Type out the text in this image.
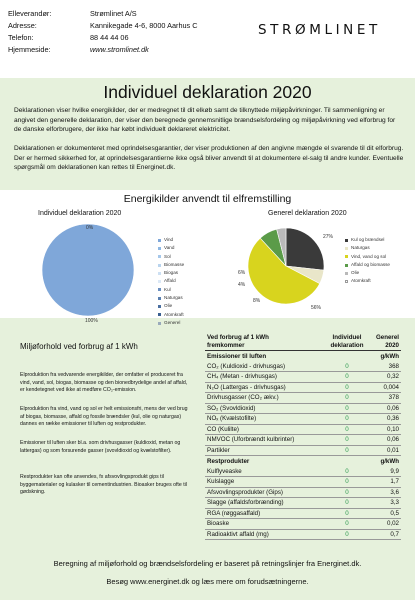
Elleverandør:	Strømlinet A/S
Adresse:	Kannikegade 4-6, 8000 Aarhus C
Telefon:	88 44 44 06
Hjemmeside:	www.stromlinet.dk
STRØMLINET
Individuel deklaration 2020

Deklarationen viser hvilke energikilder, der er medregnet til dit elkøb samt de tilknyttede miljøpåvirkninger. Til sammenligning er angivet den generelle deklaration, der viser den beregnede gennemsnitlige brændselsfordeling og miljøpåvirkning ved elforbrug for de danske elforbrugere, der ikke har købt individuelt deklareret elektricitet.

Deklarationen er dokumenteret med oprindelsesgarantier, der viser produktionen af den angivne mængde el svarende til dit elforbrug. Der er hermed sikkerhed for, at oprindelsesgarantierne ikke også bliver anvendt til at dokumentere el-salg til andre kunder. Eventuelle spørgsmål om deklarationen kan rettes til Energinet.dk.

Energikilder anvendt til elfremstilling
Individuel deklaration 2020	Generel deklaration 2020
0%
100%
27%
6%
4%
8%
56%
Vind
Vand
Sol
Biomasse
Biogas
Affald
Kul
Naturgas
Olie
Atomkraft
Generel
Kul og brændsel
Naturgas
Vind, vand og sol
Affald og biomasse
Olie
Atomkraft
Miljøforhold ved forbrug af 1 kWh

Elproduktion fra vedvarende energikilder, der omfatter el produceret fra vind, vand, sol, biogas, biomasse og den bionedbrydelige andel af affald, er kendetegnet ved ikke at medføre CO₂-emission.

Elproduktion fra vind, vand og sol er helt emissionsfri, mens der ved brug af biogas, biomasse, affald og fossile brændsler (kul, olie og naturgas) dannes en række emissioner til luften og restprodukter.

Emissioner til luften sker bl.a. som drivhusgasser (kuldioxid, metan og lattergas) og som forsurende gasser (svovldioxid og kvælstofilter).

Restprodukter kan ofte anvendes, fx afsvovlingsprodukt gips til byggematerialer og kulasker til cementindustrien. Bioasker bruges ofte til gødskning.

Ved forbrug af 1 kWh
fremkommer	Individuel
deklaration	Generel
2020
Emissioner til luften		g/kWh
CO₂ (Kuldioxid - drivhusgas)	0	368
CH₄ (Metan - drivhusgas)	0	0,32
N₂O (Lattergas - drivhusgas)	0	0,004
Drivhusgasser (CO₂ ækv.)	0	378
SO₂ (Svovldioxid)	0	0,06
NOₓ (Kvælstofilte)	0	0,36
CO (Kulilte)	0	0,10
NMVOC (Uforbrændt kulbrinter)	0	0,06
Partikler	0	0,01
Restprodukter		g/kWh
Kulflyveaske	0	9,9
Kulslagge	0	1,7
Afsvovlingsprodukter (Gips)	0	3,6
Slagge (affaldsforbrænding)	0	3,3
RGA (røggasaffald)	0	0,5
Bioaske	0	0,02
Radioaktivt affald (mg)	0	0,7
Beregning af miljøforhold og brændselsfordeling er baseret på retningslinjer fra Energinet.dk.
Besøg www.energinet.dk og læs mere om forudsætningerne.
